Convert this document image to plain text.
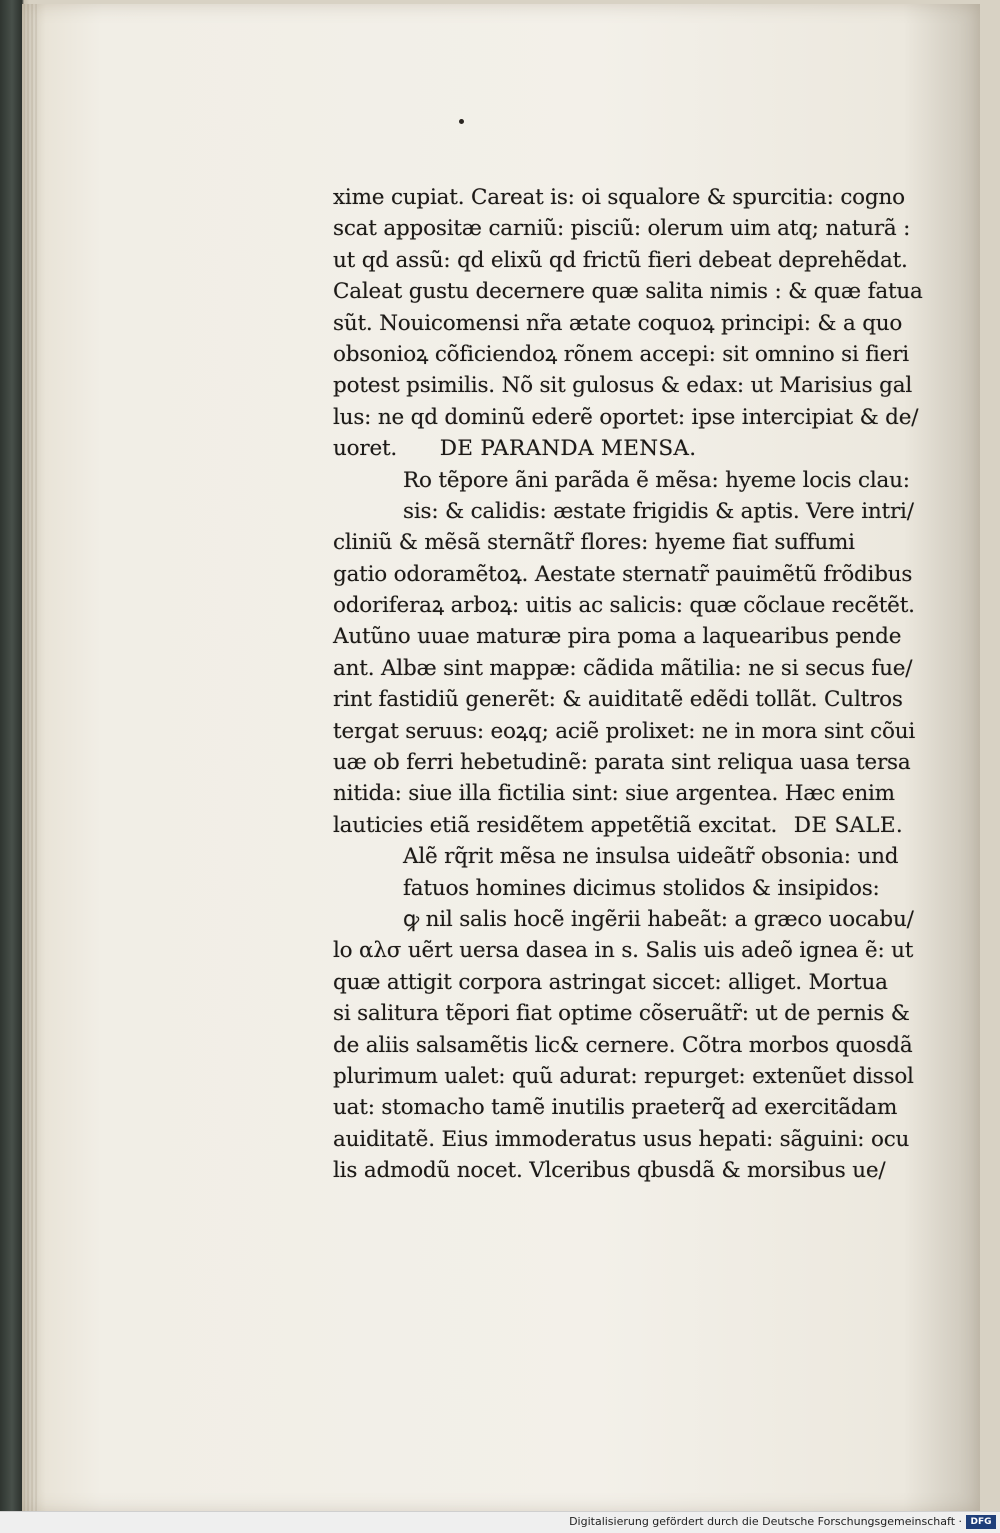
xime cupiat. Careat is: oi squalore & spurcitia: cogno
scat appositæ carniũ: pisciũ: olerum uim atq; naturã :
ut qd assũ: qd elixũ qd frictũ fieri debeat deprehẽdat.
Caleat gustu decernere quæ salita nimis : & quæ fatua
sũt. Nouicomensi nr̃a ætate coquoꝝ principi: & a quo
obsonioꝝ cõficiendoꝝ rõnem accepi: sit omnino si fieri
potest psimilis. Nõ sit gulosus & edax: ut Marisius gal
lus: ne qd dominũ ederẽ oportet: ipse intercipiat & de/
uoret. DE PARANDA MENSA.
Ro tẽpore ãni parãda ẽ mẽsa: hyeme locis clau:
sis: & calidis: æstate frigidis & aptis. Vere intri/
cliniũ & mẽsã sternãtr̃ flores: hyeme fiat suffumi
gatio odoramẽtoꝝ. Aestate sternatr̃ pauimẽtũ frõdibus
odoriferaꝝ arboꝝ: uitis ac salicis: quæ cõclaue recẽtẽt.
Autũno uuae maturæ pira poma a laquearibus pende
ant. Albæ sint mappæ: cãdida mãtilia: ne si secus fue/
rint fastidiũ generẽt: & auiditatẽ edẽdi tollãt. Cultros
tergat seruus: eoꝝq; aciẽ prolixet: ne in mora sint cõui
uæ ob ferri hebetudinẽ: parata sint reliqua uasa tersa
nitida: siue illa fictilia sint: siue argentea. Hæc enim
lauticies etiã residẽtem appetẽtiã excitat. DE SALE.
Alẽ rq̃rit mẽsa ne insulsa uideãtr̃ obsonia: und
fatuos homines dicimus stolidos & insipidos:
ꝙ nil salis hocẽ ingẽrii habeãt: a græco uocabu/
lo αλσ uẽrt uersa dasea in s. Salis uis adeõ ignea ẽ: ut
quæ attigit corpora astringat siccet: alliget. Mortua
si salitura tẽpori fiat optime cõseruãtr̃: ut de pernis &
de aliis salsamẽtis lic& cernere. Cõtra morbos quosdã
plurimum ualet: quũ adurat: repurget: extenũet dissol
uat: stomacho tamẽ inutilis praeterq̃ ad exercitãdam
auiditatẽ. Eius immoderatus usus hepati: sãguini: ocu
lis admodũ nocet. Vlceribus qbusdã & morsibus ue/
Digitalisierung gefördert durch die Deutsche Forschungsgemeinschaft · DFG
